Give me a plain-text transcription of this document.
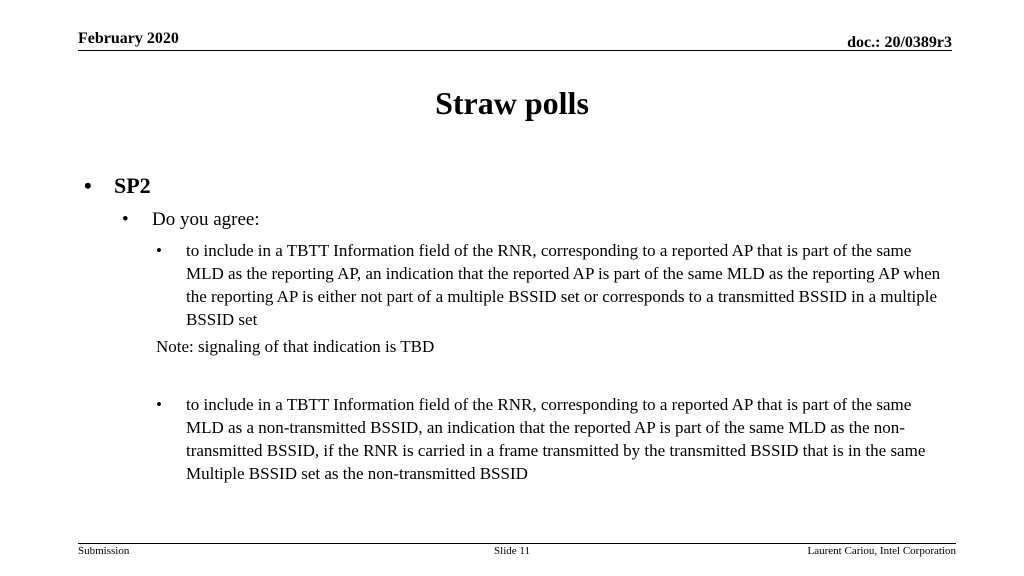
February 2020	doc.: 20/0389r3
Straw polls
•	SP2
•	Do you agree:
•	to include in a TBTT Information field of the RNR, corresponding to a reported AP that is part of the same MLD as the reporting AP, an indication that the reported AP is part of the same MLD as the reporting AP when the reporting AP is either not part of a multiple BSSID set or corresponds to a transmitted BSSID in a multiple BSSID set
Note: signaling of that indication is TBD
•	to include in a TBTT Information field of the RNR, corresponding to a reported AP that is part of the same MLD as a non-transmitted BSSID, an indication that the reported AP is part of the same MLD as the non-transmitted BSSID, if the RNR is carried in a frame transmitted by the transmitted BSSID that is in the same Multiple BSSID set as the non-transmitted BSSID
Submission	Slide 11	Laurent Cariou, Intel Corporation
